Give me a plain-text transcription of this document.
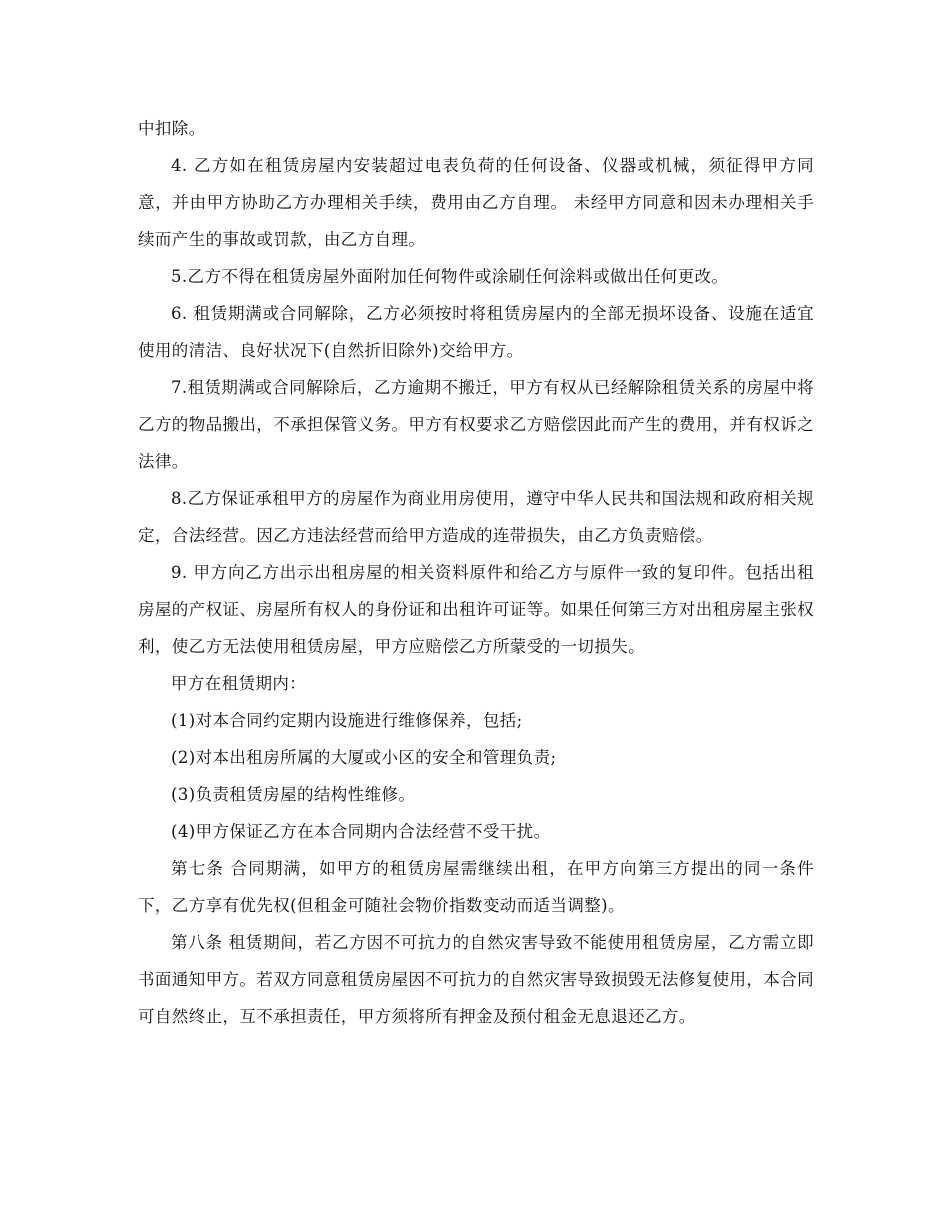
中扣除。

4. 乙方如在租赁房屋内安装超过电表负荷的任何设备、仪器或机械，须征得甲方同意，并由甲方协助乙方办理相关手续，费用由乙方自理。 未经甲方同意和因未办理相关手续而产生的事故或罚款，由乙方自理。

5.乙方不得在租赁房屋外面附加任何物件或涂刷任何涂料或做出任何更改。

6. 租赁期满或合同解除，乙方必须按时将租赁房屋内的全部无损坏设备、设施在适宜使用的清洁、良好状况下(自然折旧除外)交给甲方。

7.租赁期满或合同解除后，乙方逾期不搬迁，甲方有权从已经解除租赁关系的房屋中将乙方的物品搬出，不承担保管义务。甲方有权要求乙方赔偿因此而产生的费用，并有权诉之法律。

8.乙方保证承租甲方的房屋作为商业用房使用，遵守中华人民共和国法规和政府相关规定，合法经营。因乙方违法经营而给甲方造成的连带损失，由乙方负责赔偿。

9. 甲方向乙方出示出租房屋的相关资料原件和给乙方与原件一致的复印件。包括出租房屋的产权证、房屋所有权人的身份证和出租许可证等。如果任何第三方对出租房屋主张权利，使乙方无法使用租赁房屋，甲方应赔偿乙方所蒙受的一切损失。

甲方在租赁期内：

(1)对本合同约定期内设施进行维修保养，包括;

(2)对本出租房所属的大厦或小区的安全和管理负责;

(3)负责租赁房屋的结构性维修。

(4)甲方保证乙方在本合同期内合法经营不受干扰。

第七条 合同期满，如甲方的租赁房屋需继续出租，在甲方向第三方提出的同一条件下，乙方享有优先权(但租金可随社会物价指数变动而适当调整)。

第八条 租赁期间，若乙方因不可抗力的自然灾害导致不能使用租赁房屋，乙方需立即书面通知甲方。若双方同意租赁房屋因不可抗力的自然灾害导致损毁无法修复使用，本合同可自然终止，互不承担责任，甲方须将所有押金及预付租金无息退还乙方。
